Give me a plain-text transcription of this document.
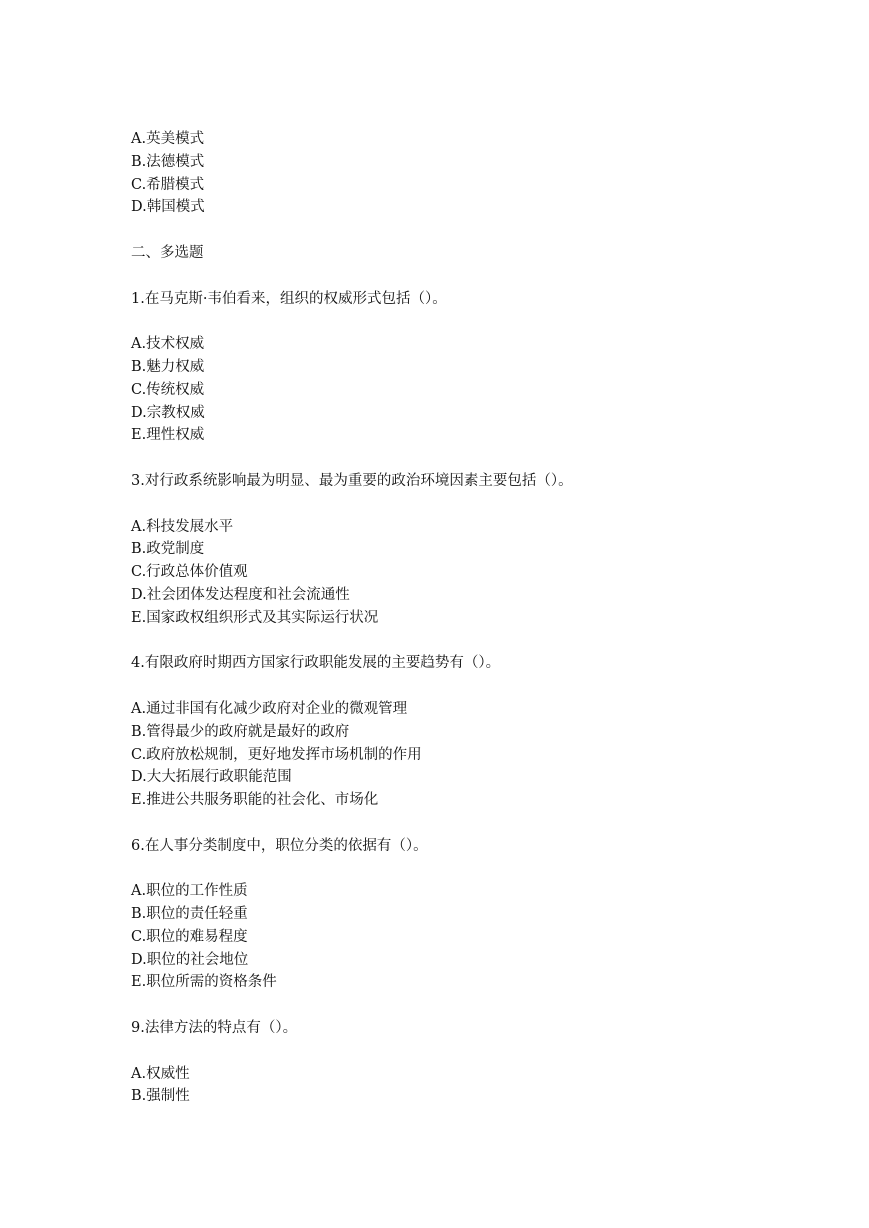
A.英美模式
B.法德模式
C.希腊模式
D.韩国模式
二、多选题
1.在马克斯·韦伯看来，组织的权威形式包括（）。
A.技术权威
B.魅力权威
C.传统权威
D.宗教权威
E.理性权威
3.对行政系统影响最为明显、最为重要的政治环境因素主要包括（）。
A.科技发展水平
B.政党制度
C.行政总体价值观
D.社会团体发达程度和社会流通性
E.国家政权组织形式及其实际运行状况
4.有限政府时期西方国家行政职能发展的主要趋势有（）。
A.通过非国有化减少政府对企业的微观管理
B.管得最少的政府就是最好的政府
C.政府放松规制，更好地发挥市场机制的作用
D.大大拓展行政职能范围
E.推进公共服务职能的社会化、市场化
6.在人事分类制度中，职位分类的依据有（）。
A.职位的工作性质
B.职位的责任轻重
C.职位的难易程度
D.职位的社会地位
E.职位所需的资格条件
9.法律方法的特点有（）。
A.权威性
B.强制性
